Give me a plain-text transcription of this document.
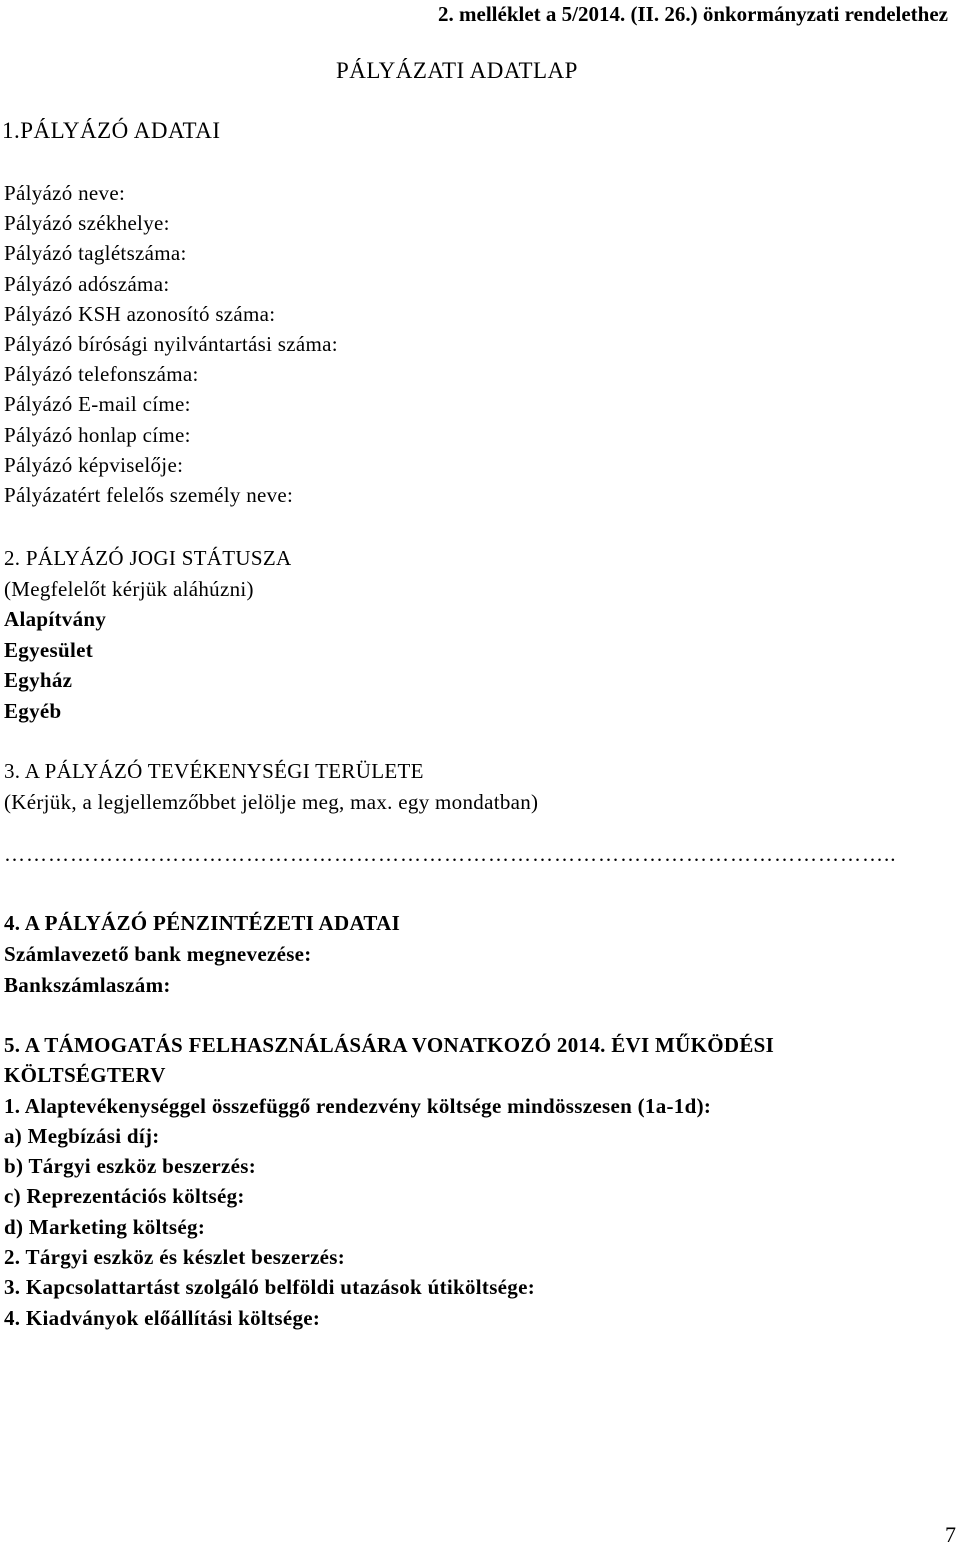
2. melléklet a 5/2014. (II. 26.) önkormányzati rendelethez
PÁLYÁZATI ADATLAP
1.PÁLYÁZÓ ADATAI
Pályázó neve:
Pályázó székhelye:
Pályázó taglétszáma:
Pályázó adószáma:
Pályázó KSH azonosító száma:
Pályázó bírósági nyilvántartási száma:
Pályázó telefonszáma:
Pályázó E-mail címe:
Pályázó honlap címe:
Pályázó képviselője:
Pályázatért felelős személy neve:
2. PÁLYÁZÓ JOGI STÁTUSZA
(Megfelelőt kérjük aláhúzni)
Alapítvány
Egyesület
Egyház
Egyéb
3. A PÁLYÁZÓ TEVÉKENYSÉGI TERÜLETE
(Kérjük, a legjellemzőbbet jelölje meg, max. egy mondatban)
…………………………………………………………………………………………………………..
4. A PÁLYÁZÓ PÉNZINTÉZETI ADATAI
Számlavezető bank megnevezése:
Bankszámlaszám:
5. A TÁMOGATÁS FELHASZNÁLÁSÁRA VONATKOZÓ 2014. ÉVI MŰKÖDÉSI
KÖLTSÉGTERV
1. Alaptevékenységgel összefüggő rendezvény költsége mindösszesen (1a-1d):
a) Megbízási díj:
b) Tárgyi eszköz beszerzés:
c) Reprezentációs költség:
d) Marketing költség:
2. Tárgyi eszköz és készlet beszerzés:
3. Kapcsolattartást szolgáló belföldi utazások útiköltsége:
4. Kiadványok előállítási költsége:
7
